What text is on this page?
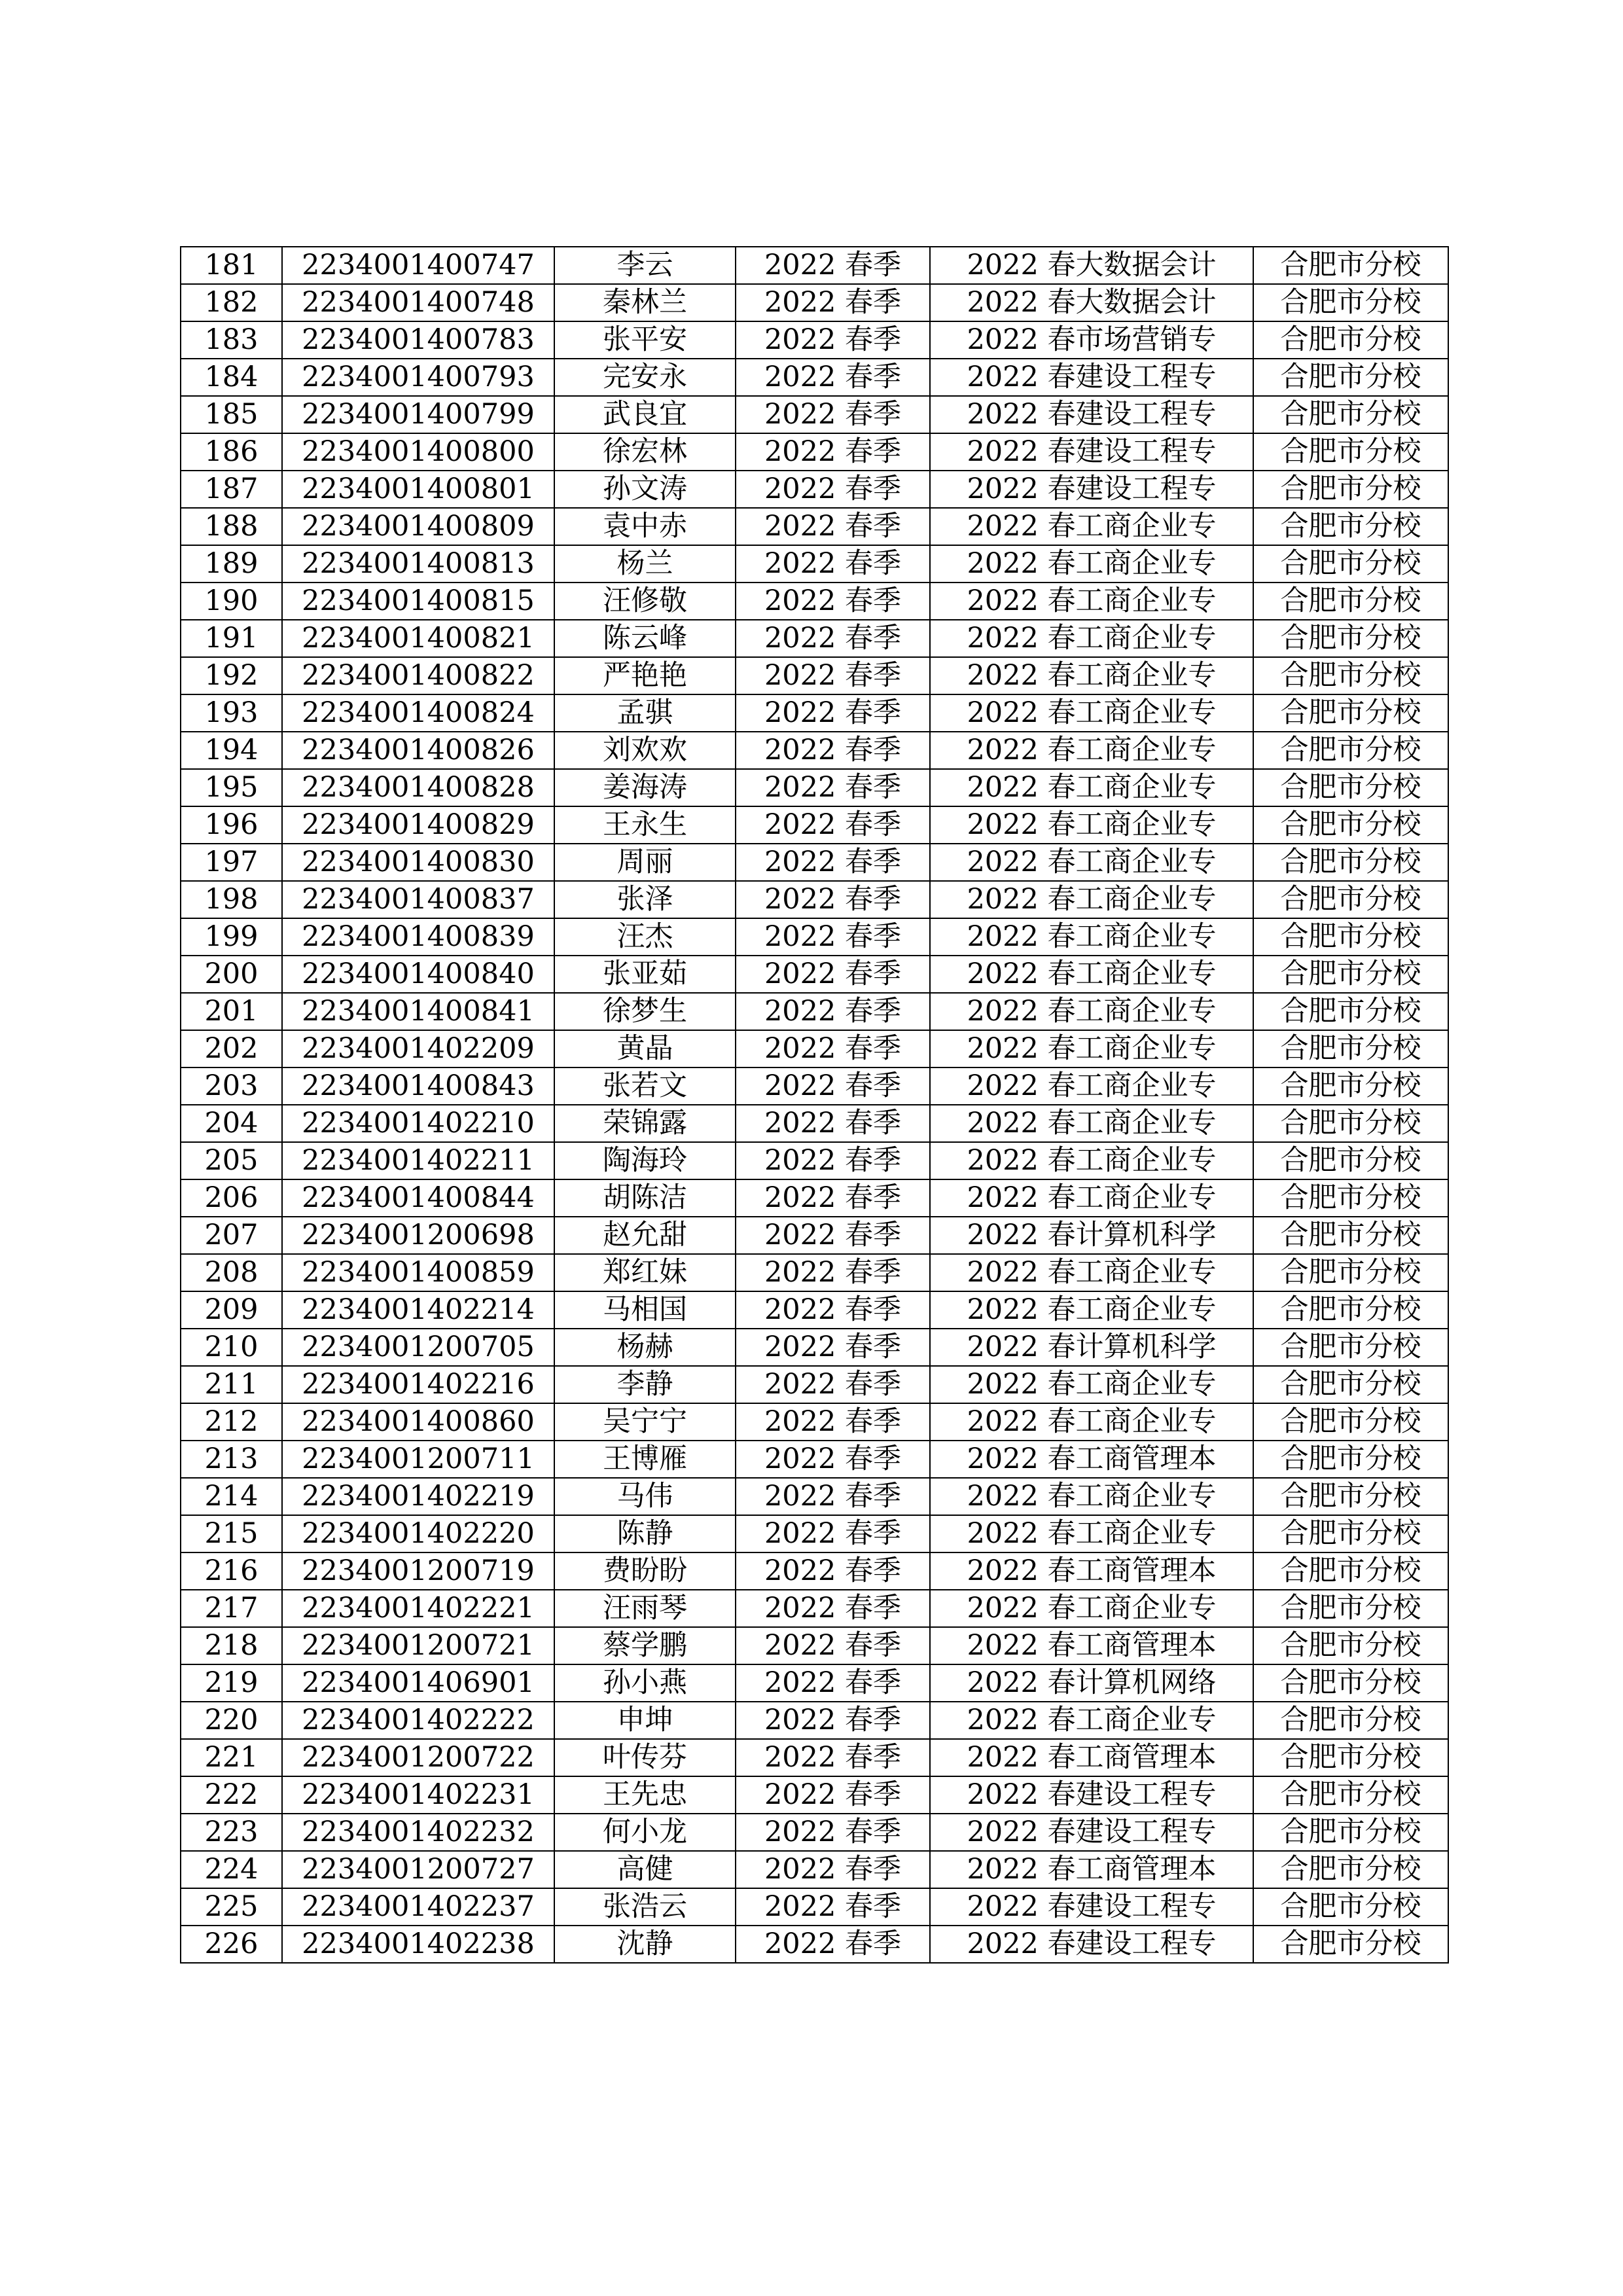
181	2234001400747	李云	2022 春季	2022 春大数据会计	合肥市分校
182	2234001400748	秦林兰	2022 春季	2022 春大数据会计	合肥市分校
183	2234001400783	张平安	2022 春季	2022 春市场营销专	合肥市分校
184	2234001400793	完安永	2022 春季	2022 春建设工程专	合肥市分校
185	2234001400799	武良宜	2022 春季	2022 春建设工程专	合肥市分校
186	2234001400800	徐宏林	2022 春季	2022 春建设工程专	合肥市分校
187	2234001400801	孙文涛	2022 春季	2022 春建设工程专	合肥市分校
188	2234001400809	袁中赤	2022 春季	2022 春工商企业专	合肥市分校
189	2234001400813	杨兰	2022 春季	2022 春工商企业专	合肥市分校
190	2234001400815	汪修敬	2022 春季	2022 春工商企业专	合肥市分校
191	2234001400821	陈云峰	2022 春季	2022 春工商企业专	合肥市分校
192	2234001400822	严艳艳	2022 春季	2022 春工商企业专	合肥市分校
193	2234001400824	孟骐	2022 春季	2022 春工商企业专	合肥市分校
194	2234001400826	刘欢欢	2022 春季	2022 春工商企业专	合肥市分校
195	2234001400828	姜海涛	2022 春季	2022 春工商企业专	合肥市分校
196	2234001400829	王永生	2022 春季	2022 春工商企业专	合肥市分校
197	2234001400830	周丽	2022 春季	2022 春工商企业专	合肥市分校
198	2234001400837	张泽	2022 春季	2022 春工商企业专	合肥市分校
199	2234001400839	汪杰	2022 春季	2022 春工商企业专	合肥市分校
200	2234001400840	张亚茹	2022 春季	2022 春工商企业专	合肥市分校
201	2234001400841	徐梦生	2022 春季	2022 春工商企业专	合肥市分校
202	2234001402209	黄晶	2022 春季	2022 春工商企业专	合肥市分校
203	2234001400843	张若文	2022 春季	2022 春工商企业专	合肥市分校
204	2234001402210	荣锦露	2022 春季	2022 春工商企业专	合肥市分校
205	2234001402211	陶海玲	2022 春季	2022 春工商企业专	合肥市分校
206	2234001400844	胡陈洁	2022 春季	2022 春工商企业专	合肥市分校
207	2234001200698	赵允甜	2022 春季	2022 春计算机科学	合肥市分校
208	2234001400859	郑红妹	2022 春季	2022 春工商企业专	合肥市分校
209	2234001402214	马相国	2022 春季	2022 春工商企业专	合肥市分校
210	2234001200705	杨赫	2022 春季	2022 春计算机科学	合肥市分校
211	2234001402216	李静	2022 春季	2022 春工商企业专	合肥市分校
212	2234001400860	吴宁宁	2022 春季	2022 春工商企业专	合肥市分校
213	2234001200711	王博雁	2022 春季	2022 春工商管理本	合肥市分校
214	2234001402219	马伟	2022 春季	2022 春工商企业专	合肥市分校
215	2234001402220	陈静	2022 春季	2022 春工商企业专	合肥市分校
216	2234001200719	费盼盼	2022 春季	2022 春工商管理本	合肥市分校
217	2234001402221	汪雨琴	2022 春季	2022 春工商企业专	合肥市分校
218	2234001200721	蔡学鹏	2022 春季	2022 春工商管理本	合肥市分校
219	2234001406901	孙小燕	2022 春季	2022 春计算机网络	合肥市分校
220	2234001402222	申坤	2022 春季	2022 春工商企业专	合肥市分校
221	2234001200722	叶传芬	2022 春季	2022 春工商管理本	合肥市分校
222	2234001402231	王先忠	2022 春季	2022 春建设工程专	合肥市分校
223	2234001402232	何小龙	2022 春季	2022 春建设工程专	合肥市分校
224	2234001200727	高健	2022 春季	2022 春工商管理本	合肥市分校
225	2234001402237	张浩云	2022 春季	2022 春建设工程专	合肥市分校
226	2234001402238	沈静	2022 春季	2022 春建设工程专	合肥市分校
